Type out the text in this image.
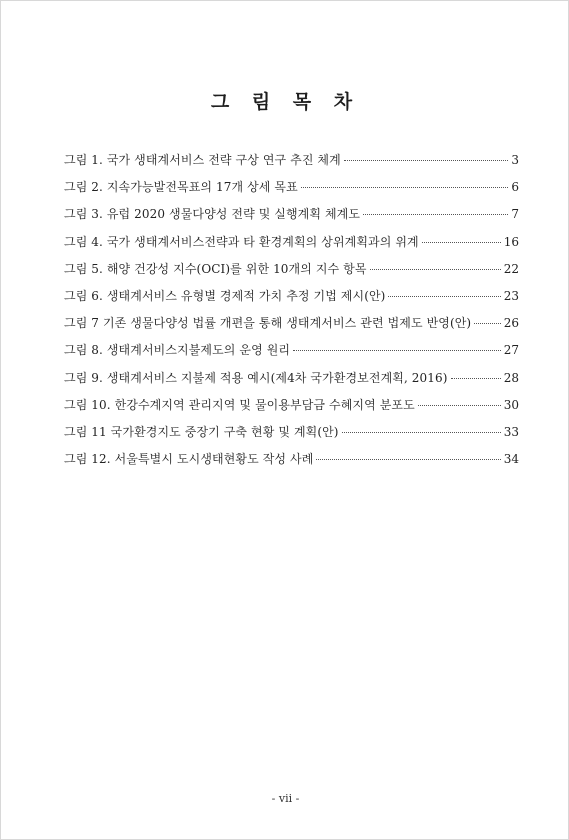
그 림 목 차
그림 1. 국가 생태계서비스 전략 구상 연구 추진 체계	3
그림 2. 지속가능발전목표의 17개 상세 목표	6
그림 3. 유럽 2020 생물다양성 전략 및 실행계획 체계도	7
그림 4. 국가 생태계서비스전략과 타 환경계획의 상위계획과의 위계	16
그림 5. 해양 건강성 지수(OCI)를 위한 10개의 지수 항목	22
그림 6. 생태계서비스 유형별 경제적 가치 추정 기법 제시(안)	23
그림 7 기존 생물다양성 법률 개편을 통해 생태계서비스 관련 법제도 반영(안)	26
그림 8. 생태계서비스지불제도의 운영 원리	27
그림 9. 생태계서비스 지불제 적용 예시(제4차 국가환경보전계획, 2016)	28
그림 10. 한강수계지역 관리지역 및 물이용부담금 수혜지역 분포도	30
그림 11 국가환경지도 중장기 구축 현황 및 계획(안)	33
그림 12. 서울특별시 도시생태현황도 작성 사례	34
- vii -
